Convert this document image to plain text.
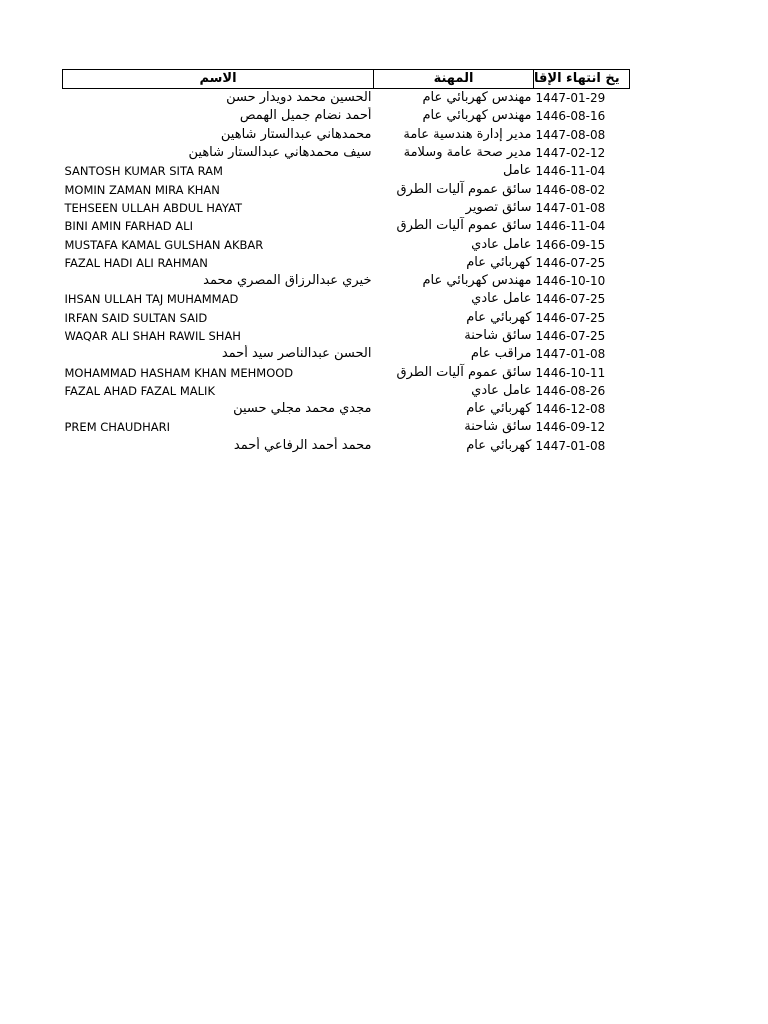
الاسم	المهنة	يخ انتهاء الإقا
الحسين محمد دويدار حسن	مهندس كهربائي عام	1447-01-29
أحمد نضام جميل الهمص	مهندس كهربائي عام	1446-08-16
محمدهاني عبدالستار شاهين	مدير إدارة هندسية عامة	1447-08-08
سيف محمدهاني عبدالستار شاهين	مدير صحة عامة وسلامة	1447-02-12
SANTOSH KUMAR SITA RAM	عامل	1446-11-04
MOMIN ZAMAN MIRA KHAN	سائق عموم آليات الطرق	1446-08-02
TEHSEEN ULLAH ABDUL HAYAT	سائق تصوير	1447-01-08
BINI AMIN FARHAD ALI	سائق عموم آليات الطرق	1446-11-04
MUSTAFA KAMAL GULSHAN AKBAR	عامل عادي	1466-09-15
FAZAL HADI ALI RAHMAN	كهربائي عام	1446-07-25
خيري عبدالرزاق المصري محمد	مهندس كهربائي عام	1446-10-10
IHSAN ULLAH TAJ MUHAMMAD	عامل عادي	1446-07-25
IRFAN SAID SULTAN SAID	كهربائي عام	1446-07-25
WAQAR ALI SHAH RAWIL SHAH	سائق شاحنة	1446-07-25
الحسن عبدالناصر سيد أحمد	مراقب عام	1447-01-08
MOHAMMAD HASHAM KHAN MEHMOOD	سائق عموم آليات الطرق	1446-10-11
FAZAL AHAD FAZAL MALIK	عامل عادي	1446-08-26
مجدي محمد مجلي حسين	كهربائي عام	1446-12-08
PREM CHAUDHARI	سائق شاحنة	1446-09-12
محمد أحمد الرفاعي أحمد	كهربائي عام	1447-01-08
